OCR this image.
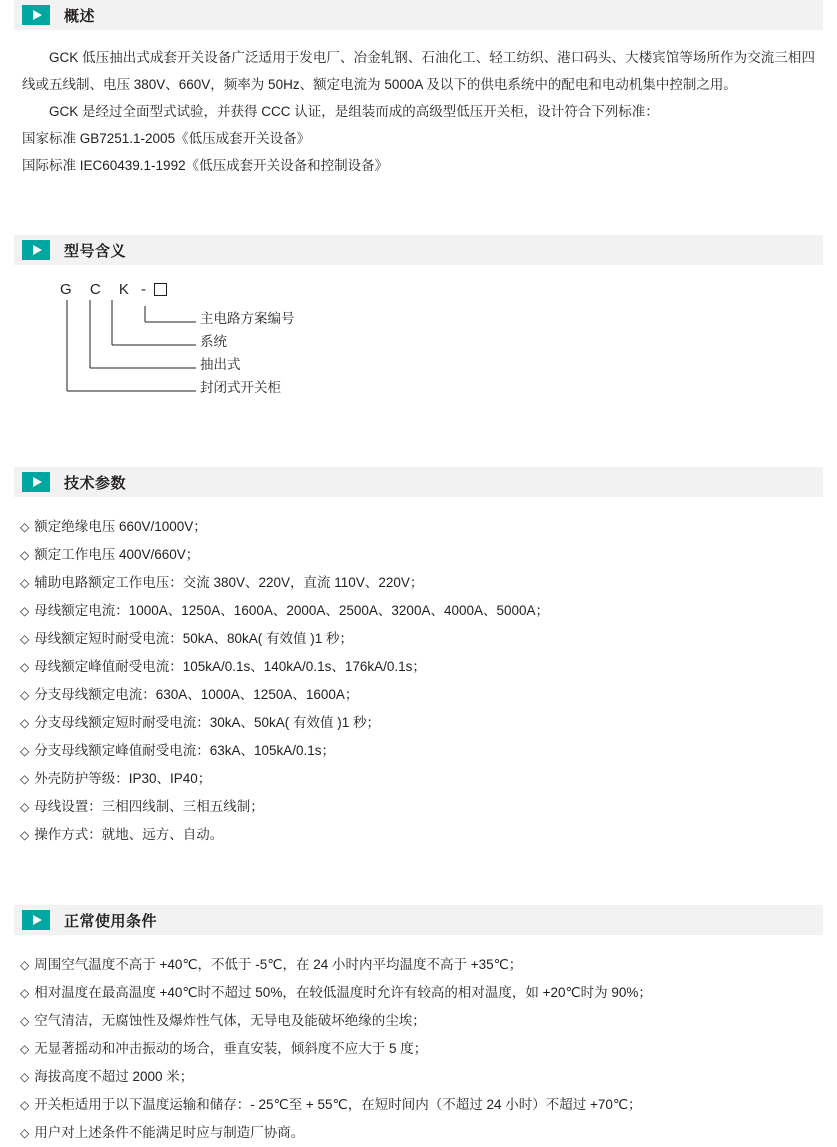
概述

GCK 低压抽出式成套开关设备广泛适用于发电厂、冶金轧钢、石油化工、轻工纺织、港口码头、大楼宾馆等场所作为交流三相四线或五线制、电压 380V、660V，频率为 50Hz、额定电流为 5000A 及以下的供电系统中的配电和电动机集中控制之用。

GCK 是经过全面型式试验，并获得 CCC 认证，是组装而成的高级型低压开关柜，设计符合下列标准：

国家标准 GB7251.1-2005《低压成套开关设备》

国际标准 IEC60439.1-1992《低压成套开关设备和控制设备》

型号含义
G C K -
主电路方案编号
系统
抽出式
封闭式开关柜
技术参数
◇ 额定绝缘电压 660V/1000V；
◇ 额定工作电压 400V/660V；
◇ 辅助电路额定工作电压：交流 380V、220V，直流 110V、220V；
◇ 母线额定电流：1000A、1250A、1600A、2000A、2500A、3200A、4000A、5000A；
◇ 母线额定短时耐受电流：50kA、80kA( 有效值 )1 秒；
◇ 母线额定峰值耐受电流：105kA/0.1s、140kA/0.1s、176kA/0.1s；
◇ 分支母线额定电流：630A、1000A、1250A、1600A；
◇ 分支母线额定短时耐受电流：30kA、50kA( 有效值 )1 秒；
◇ 分支母线额定峰值耐受电流：63kA、105kA/0.1s；
◇ 外壳防护等级：IP30、IP40；
◇ 母线设置：三相四线制、三相五线制；
◇ 操作方式：就地、远方、自动。
正常使用条件
◇ 周围空气温度不高于 +40℃，不低于 -5℃，在 24 小时内平均温度不高于 +35℃；
◇ 相对温度在最高温度 +40℃时不超过 50%，在较低温度时允许有较高的相对温度，如 +20℃时为 90%；
◇ 空气清洁，无腐蚀性及爆炸性气体，无导电及能破坏绝缘的尘埃；
◇ 无显著摇动和冲击振动的场合，垂直安装，倾斜度不应大于 5 度；
◇ 海拔高度不超过 2000 米；
◇ 开关柜适用于以下温度运输和储存：- 25℃至 + 55℃，在短时间内（不超过 24 小时）不超过 +70℃；
◇ 用户对上述条件不能满足时应与制造厂协商。
